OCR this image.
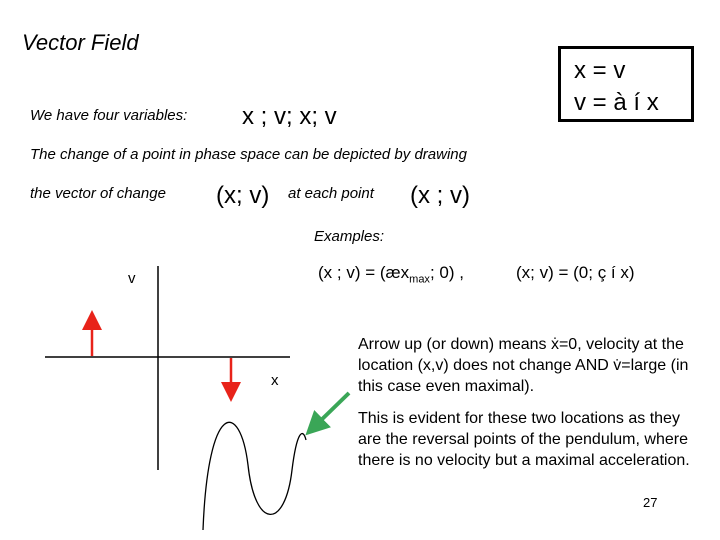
Vector Field
x = v
v = à í x
We have four variables: x ; v; x; v
The change of a point in phase space can be depicted by drawing
the vector of change (x; v) at each point (x ; v)
Examples:
(x ; $v) = (æx_{max}$; 0) ,	(x; v) = (0; ç í x)
v
x
Arrow up (or down) means ẋ=0, velocity at the location (x,v) does not change AND v̇=large (in this case even maximal).
This is evident for these two locations as they are the reversal points of the pendulum, where there is no velocity but a maximal acceleration.
27
